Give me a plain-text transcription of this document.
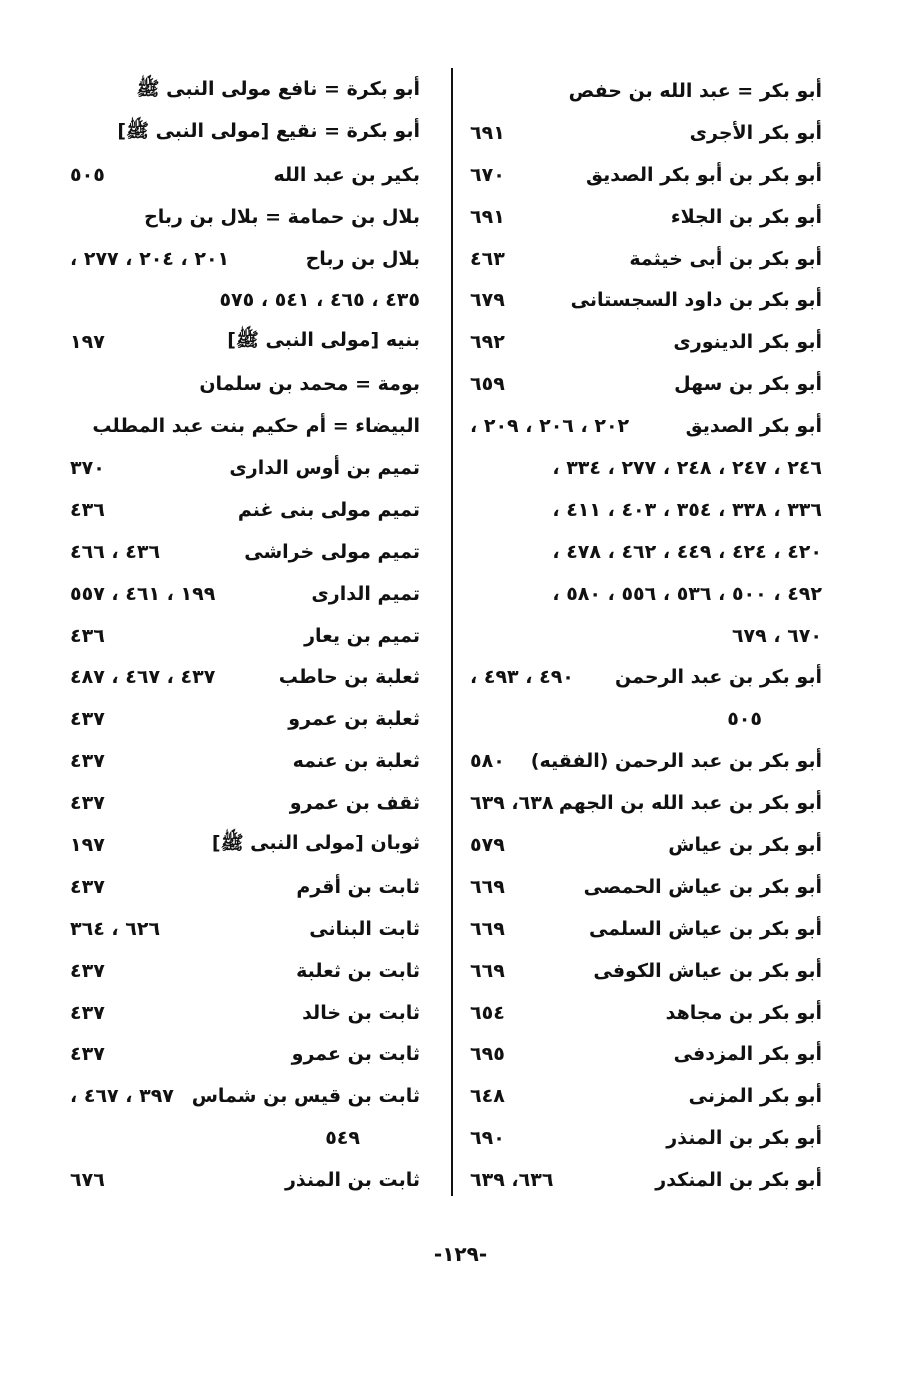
أبو بكر = عبد الله بن حفص
أبو بكر الأجرى
٦٩١
أبو بكر بن أبو بكر الصديق
٦٧٠
أبو بكر بن الجلاء
٦٩١
أبو بكر بن أبى خيثمة
٤٦٣
أبو بكر بن داود السجستانى
٦٧٩
أبو بكر الدينورى
٦٩٢
أبو بكر بن سهل
٦٥٩
أبو بكر الصديق
٢٠٢ ، ٢٠٦ ، ٢٠٩ ،
٢٤٦ ، ٢٤٧ ، ٢٤٨ ، ٢٧٧ ، ٣٣٤ ،
٣٣٦ ، ٣٣٨ ، ٣٥٤ ، ٤٠٣ ، ٤١١ ،
٤٢٠ ، ٤٢٤ ، ٤٤٩ ، ٤٦٢ ، ٤٧٨ ،
٤٩٢ ، ٥٠٠ ، ٥٣٦ ، ٥٥٦ ، ٥٨٠ ،
٦٧٠ ، ٦٧٩
أبو بكر بن عبد الرحمن
٤٩٠ ، ٤٩٣ ،
٥٠٥
أبو بكر بن عبد الرحمن (الفقيه)
٥٨٠
أبو بكر بن عبد الله بن الجهم
٦٣٨، ٦٣٩
أبو بكر بن عياش
٥٧٩
أبو بكر بن عياش الحمصى
٦٦٩
أبو بكر بن عياش السلمى
٦٦٩
أبو بكر بن عياش الكوفى
٦٦٩
أبو بكر بن مجاهد
٦٥٤
أبو بكر المزدفى
٦٩٥
أبو بكر المزنى
٦٤٨
أبو بكر بن المنذر
٦٩٠
أبو بكر بن المنكدر
٦٣٦، ٦٣٩
أبو بكرة = نافع مولى النبى ﷺ
أبو بكرة = نقيع [مولى النبى ﷺ]
بكير بن عبد الله
٥٠٥
بلال بن حمامة = بلال بن رباح
بلال بن رباح
٢٠١ ، ٢٠٤ ، ٢٧٧ ،
٤٣٥ ، ٤٦٥ ، ٥٤١ ، ٥٧٥
بنيه [مولى النبى ﷺ]
١٩٧
بومة = محمد بن سلمان
البيضاء = أم حكيم بنت عبد المطلب
تميم بن أوس الدارى
٣٧٠
تميم مولى بنى غنم
٤٣٦
تميم مولى خراشى
٤٣٦ ، ٤٦٦
تميم الدارى
١٩٩ ، ٤٦١ ، ٥٥٧
تميم بن يعار
٤٣٦
ثعلبة بن حاطب
٤٣٧ ، ٤٦٧ ، ٤٨٧
ثعلبة بن عمرو
٤٣٧
ثعلبة بن عنمه
٤٣٧
ثقف بن عمرو
٤٣٧
ثوبان [مولى النبى ﷺ]
١٩٧
ثابت بن أقرم
٤٣٧
ثابت البنانى
٦٢٦ ، ٣٦٤
ثابت بن ثعلبة
٤٣٧
ثابت بن خالد
٤٣٧
ثابت بن عمرو
٤٣٧
ثابت بن قيس بن شماس
٣٩٧ ، ٤٦٧ ،
٥٤٩
ثابت بن المنذر
٦٧٦
-١٢٩-
